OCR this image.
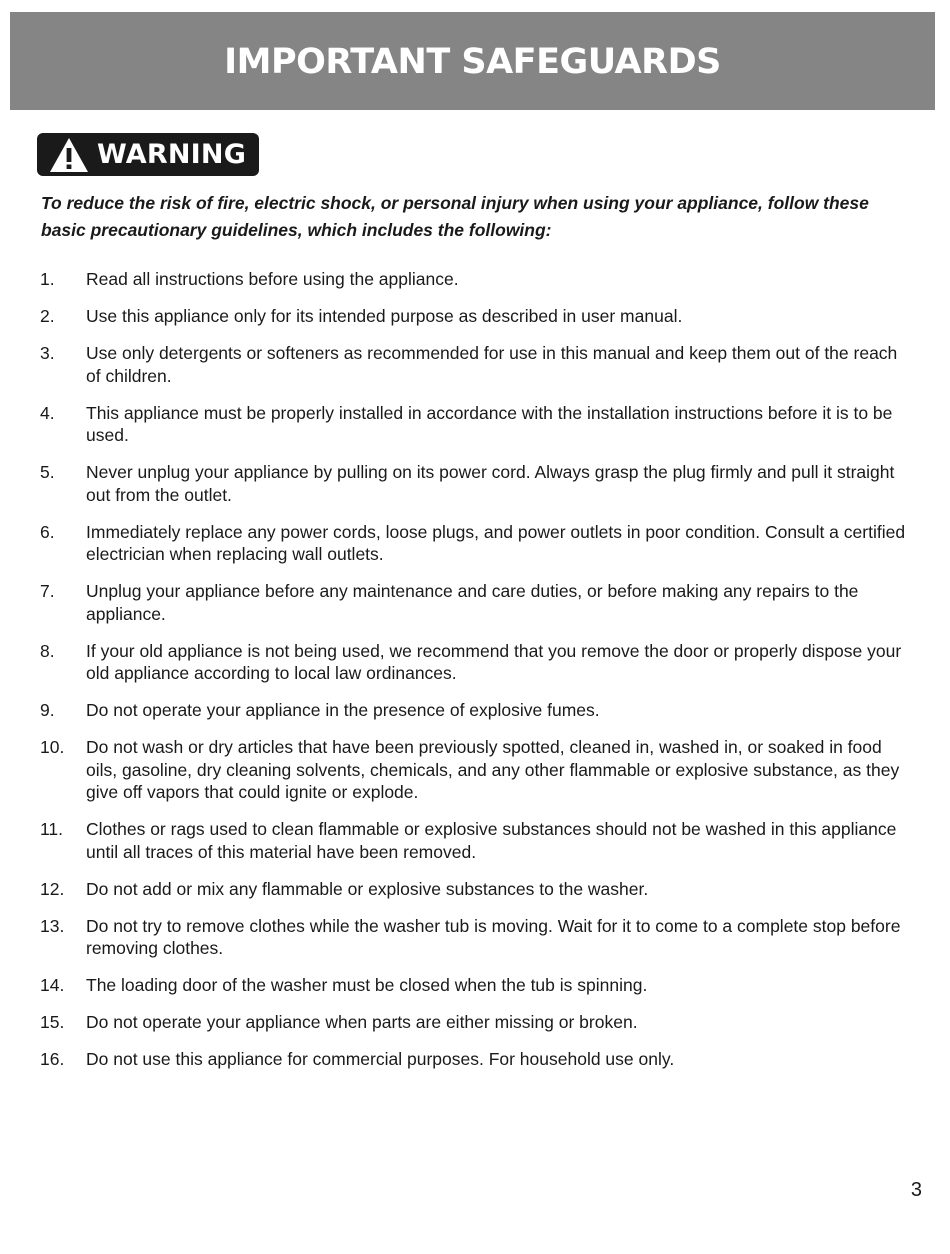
IMPORTANT SAFEGUARDS
WARNING
To reduce the risk of fire, electric shock, or personal injury when using your appliance, follow these basic precautionary guidelines, which includes the following:
1.	Read all instructions before using the appliance.
2.	Use this appliance only for its intended purpose as described in user manual.
3.	Use only detergents or softeners as recommended for use in this manual and keep them out of the reach of children.
4.	This appliance must be properly installed in accordance with the installation instructions before it is to be used.
5.	Never unplug your appliance by pulling on its power cord. Always grasp the plug firmly and pull it straight out from the outlet.
6.	Immediately replace any power cords, loose plugs, and power outlets in poor condition. Consult a certified electrician when replacing wall outlets.
7.	Unplug your appliance before any maintenance and care duties, or before making any repairs to the appliance.
8.	If your old appliance is not being used, we recommend that you remove the door or properly dispose your old appliance according to local law ordinances.
9.	Do not operate your appliance in the presence of explosive fumes.
10.	Do not wash or dry articles that have been previously spotted, cleaned in, washed in, or soaked in food oils, gasoline, dry cleaning solvents, chemicals, and any other flammable or explosive substance, as they give off vapors that could ignite or explode.
11.	Clothes or rags used to clean flammable or explosive substances should not be washed in this appliance until all traces of this material have been removed.
12.	Do not add or mix any flammable or explosive substances to the washer.
13.	Do not try to remove clothes while the washer tub is moving. Wait for it to come to a complete stop before removing clothes.
14.	The loading door of the washer must be closed when the tub is spinning.
15.	Do not operate your appliance when parts are either missing or broken.
16.	Do not use this appliance for commercial purposes. For household use only.
3
